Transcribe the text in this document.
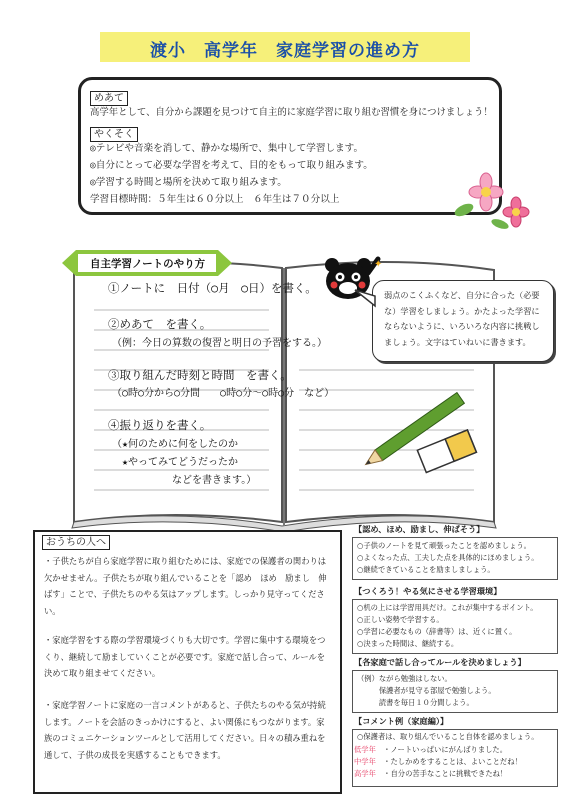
渡小　高学年　家庭学習の進め方
めあて
高学年として、自分から課題を見つけて自主的に家庭学習に取り組む習慣を身につけましょう！
やくそく
◎テレビや音楽を消して、静かな場所で、集中して学習します。
◎自分にとって必要な学習を考えて、目的をもって取り組みます。
◎学習する時間と場所を決めて取り組みます。
学習目標時間：５年生は６０分以上　６年生は７０分以上
自主学習ノートのやり方
①ノートに　日付（○月　○日）を書く。
②めあて　を書く。
（例：今日の算数の復習と明日の予習をする。）
③取り組んだ時刻と時間　を書く。
（○時○分から○分間　　○時○分～○時○分　など）
④振り返りを書く。
（★何のために何をしたのか
　★やってみてどうだったか
　　　　　　などを書きます。）
✦
弱点のこくふくなど、自分に合った（必要な）学習をしましょう。かたよった学習にならないように、いろいろな内容に挑戦しましょう。文字はていねいに書きます。
おうちの人へ
・子供たちが自ら家庭学習に取り組むためには、家庭での保護者の関わりは欠かせません。子供たちが取り組んでいることを「認め　ほめ　励まし　伸ばす」ことで、子供たちのやる気はアップします。しっかり見守ってください。
・家庭学習をする際の学習環境づくりも大切です。学習に集中する環境をつくり、継続して励ましていくことが必要です。家庭で話し合って、ルールを決めて取り組ませてください。
・家庭学習ノートに家庭の一言コメントがあると、子供たちのやる気が持続します。ノートを会話のきっかけにすると、よい関係にもつながります。家族のコミュニケーションツールとして活用してください。日々の積み重ねを通して、子供の成長を実感することもできます。
【認め、ほめ、励まし、伸ばそう】
○子供のノートを見て頑張ったことを認めましょう。
○よくなった点、工夫した点を具体的にほめましょう。
○継続できていることを励ましましょう。
【つくろう！やる気にさせる学習環境】
○机の上には学習用具だけ。これが集中するポイント。
○正しい姿勢で学習する。
○学習に必要なもの（辞書等）は、近くに置く。
○決まった時間は、継続する。
【各家庭で話し合ってルールを決めましょう】
（例）ながら勉強はしない。
　　　保護者が見守る部屋で勉強しよう。
　　　読書を毎日１０分間しよう。
【コメント例（家庭編）】
○保護者は、取り組んでいること自体を認めましょう。
低学年　 ・ノートいっぱいにがんばりました。
中学年　 ・たしかめをすることは、よいことだね！
高学年　 ・自分の苦手なことに挑戦できたね！
